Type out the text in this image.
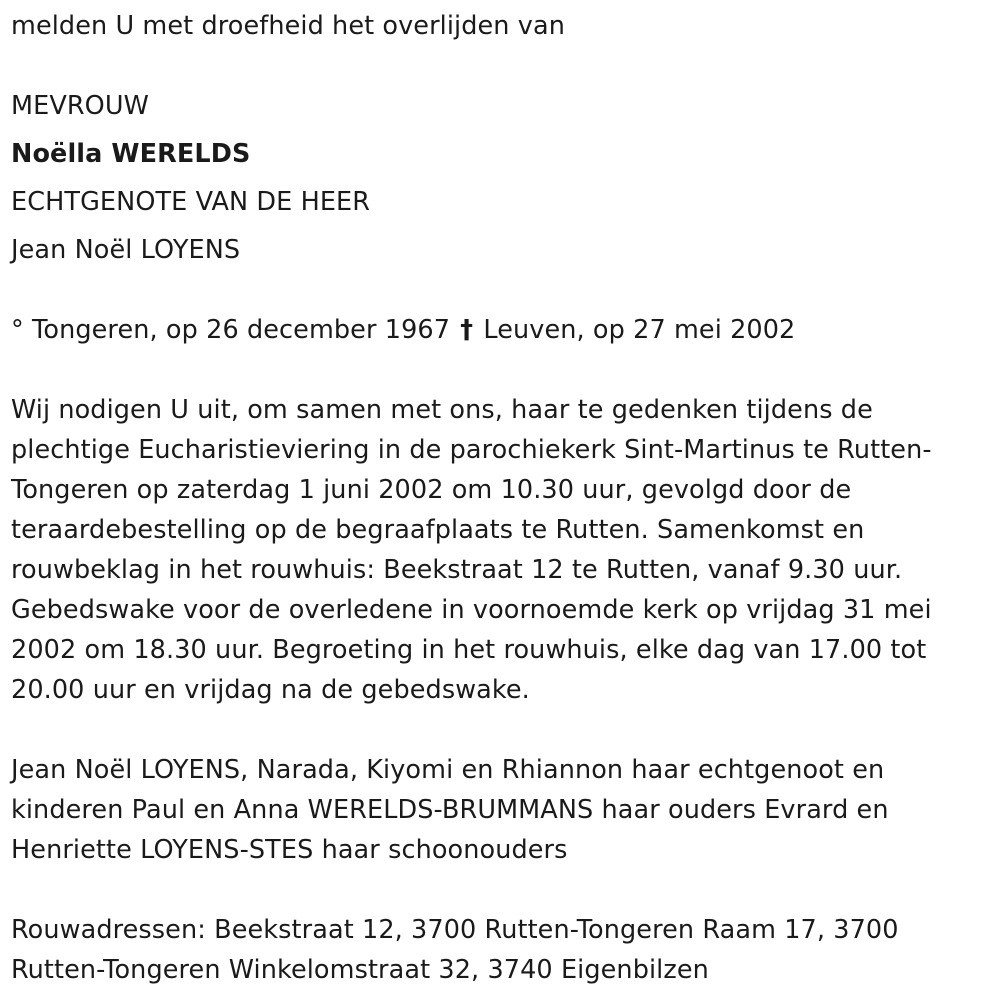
melden U met droefheid het overlijden van
MEVROUW
Noëlla WERELDS
ECHTGENOTE VAN DE HEER
Jean Noël LOYENS
° Tongeren, op 26 december 1967 † Leuven, op 27 mei 2002
Wij nodigen U uit, om samen met ons, haar te gedenken tijdens de
plechtige Eucharistieviering in de parochiekerk Sint-Martinus te Rutten-
Tongeren op zaterdag 1 juni 2002 om 10.30 uur, gevolgd door de
teraardebestelling op de begraafplaats te Rutten. Samenkomst en
rouwbeklag in het rouwhuis: Beekstraat 12 te Rutten, vanaf 9.30 uur.
Gebedswake voor de overledene in voornoemde kerk op vrijdag 31 mei
2002 om 18.30 uur. Begroeting in het rouwhuis, elke dag van 17.00 tot
20.00 uur en vrijdag na de gebedswake.
Jean Noël LOYENS, Narada, Kiyomi en Rhiannon haar echtgenoot en
kinderen Paul en Anna WERELDS-BRUMMANS haar ouders Evrard en
Henriette LOYENS-STES haar schoonouders
Rouwadressen: Beekstraat 12, 3700 Rutten-Tongeren Raam 17, 3700
Rutten-Tongeren Winkelomstraat 32, 3740 Eigenbilzen
